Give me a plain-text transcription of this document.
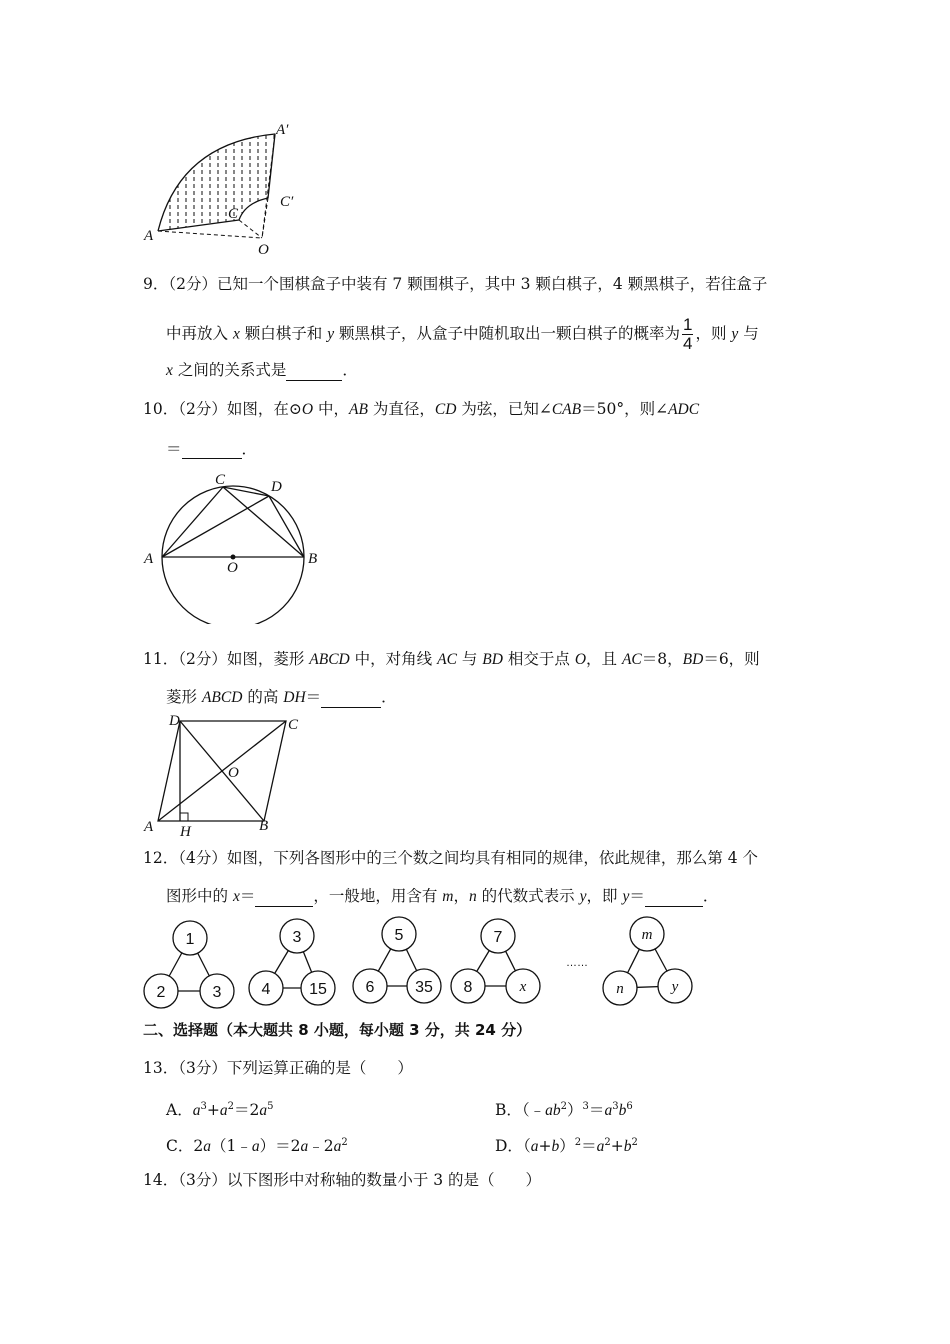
A′
C′
C
A
O
9．（2分）已知一个围棋盒子中装有 7 颗围棋子，其中 3 颗白棋子，4 颗黑棋子，若往盒子
中再放入 x 颗白棋子和 y 颗黑棋子，从盒子中随机取出一颗白棋子的概率为 $\frac{1}{4}$ ，则 y 与
x 之间的关系式是	．
10．（2分）如图，在⊙O 中，AB 为直径，CD 为弦，已知∠CAB＝50°，则∠ADC
＝	．
C	D
A	B
O
11．（2分）如图，菱形 ABCD 中，对角线 AC 与 BD 相交于点 O，且 AC＝8，BD＝6，则
菱形 ABCD 的高 DH＝	．
D	C
O
A H	B
12．（4分）如图，下列各图形中的三个数之间均具有相同的规律，依此规律，那么第 4 个
图形中的 x＝	，一般地，用含有 m，n 的代数式表示 y，即 y＝	．
1
2	3
3
4 15
5
6	35
7
8	x
m
n	y
……
二、选择题（本大题共 8 小题，每小题 3 分，共 24 分）
13．（3分）下列运算正确的是（　　）
A．$a^3+a^2=2a^5$	B．$(﹣ab^2)^3=a^3b^6$
C．$2a(1﹣a)=2a﹣2a^2$	D．$(a+b)^2=a^2+b^2$
14．（3分）以下图形中对称轴的数量小于 3 的是（　　）
